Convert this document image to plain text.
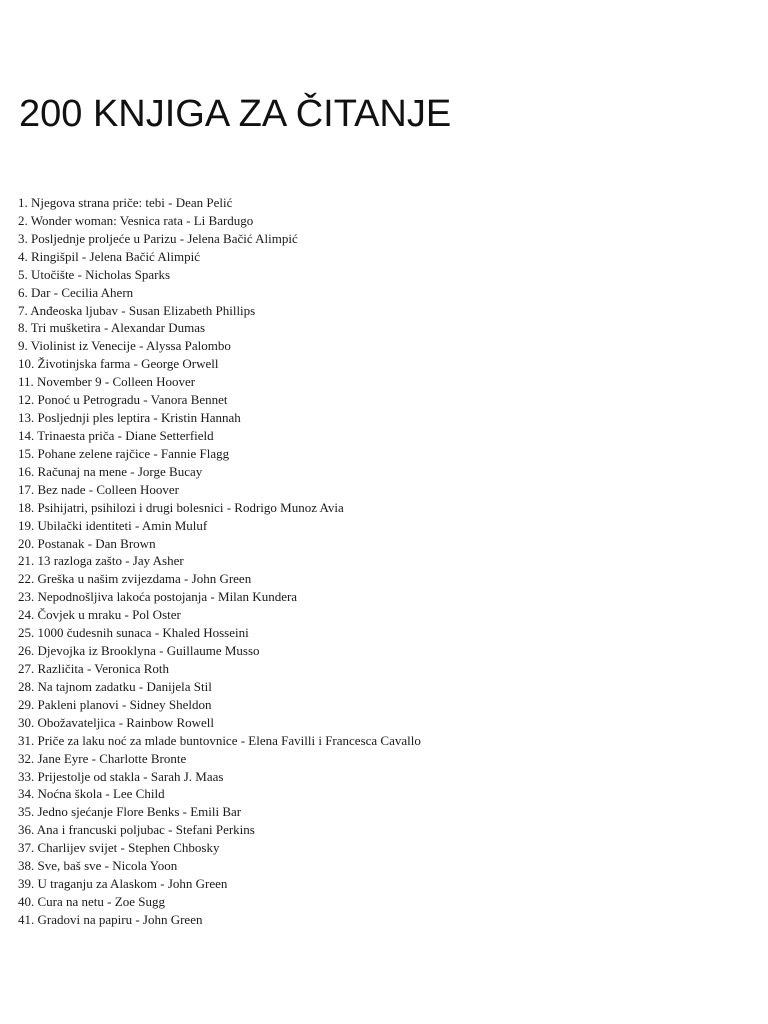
200 KNJIGA ZA ČITANJE
1. Njegova strana priče: tebi - Dean Pelić
2. Wonder woman: Vesnica rata - Li Bardugo
3. Posljednje proljeće u Parizu - Jelena Bačić Alimpić
4. Ringišpil - Jelena Bačić Alimpić
5. Utočište - Nicholas Sparks
6. Dar - Cecilia Ahern
7. Anđeoska ljubav - Susan Elizabeth Phillips
8. Tri mušketira - Alexandar Dumas
9. Violinist iz Venecije - Alyssa Palombo
10. Životinjska farma - George Orwell
11. November 9 - Colleen Hoover
12. Ponoć u Petrogradu - Vanora Bennet
13. Posljednji ples leptira - Kristin Hannah
14. Trinaesta priča - Diane Setterfield
15. Pohane zelene rajčice - Fannie Flagg
16. Računaj na mene - Jorge Bucay
17. Bez nade - Colleen Hoover
18. Psihijatri, psihilozi i drugi bolesnici - Rodrigo Munoz Avia
19. Ubilački identiteti - Amin Muluf
20. Postanak - Dan Brown
21. 13 razloga zašto - Jay Asher
22. Greška u našim zvijezdama - John Green
23. Nepodnošljiva lakoća postojanja - Milan Kundera
24. Čovjek u mraku - Pol Oster
25. 1000 čudesnih sunaca - Khaled Hosseini
26. Djevojka iz Brooklyna - Guillaume Musso
27. Različita - Veronica Roth
28. Na tajnom zadatku - Danijela Stil
29. Pakleni planovi - Sidney Sheldon
30. Obožavateljica - Rainbow Rowell
31. Priče za laku noć za mlade buntovnice - Elena Favilli i Francesca Cavallo
32. Jane Eyre - Charlotte Bronte
33. Prijestolje od stakla - Sarah J. Maas
34. Noćna škola - Lee Child
35. Jedno sjećanje Flore Benks - Emili Bar
36. Ana i francuski poljubac - Stefani Perkins
37. Charlijev svijet - Stephen Chbosky
38. Sve, baš sve - Nicola Yoon
39. U traganju za Alaskom - John Green
40. Cura na netu - Zoe Sugg
41. Gradovi na papiru - John Green
